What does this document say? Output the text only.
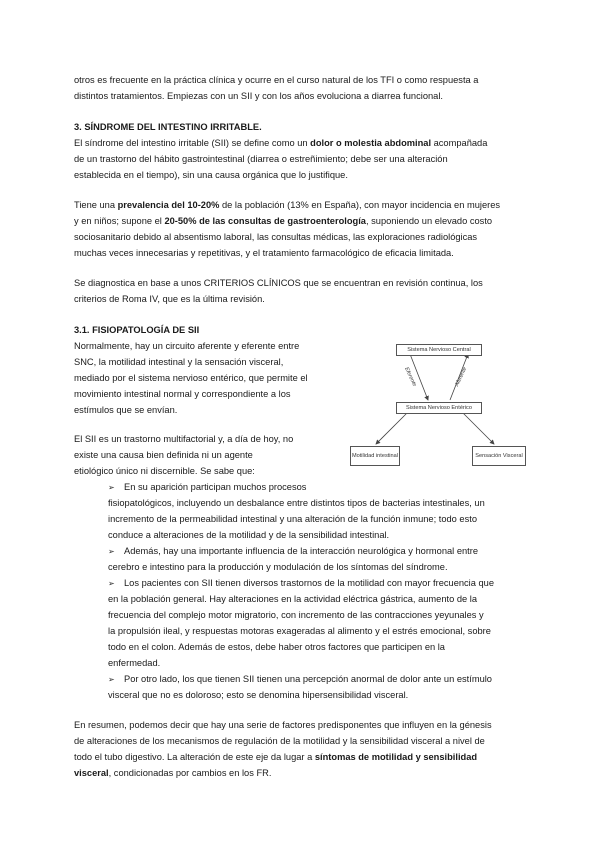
otros es frecuente en la práctica clínica y ocurre en el curso natural de los TFI o como respuesta a
distintos tratamientos. Empiezas con un SII y con los años evoluciona a diarrea funcional.
3. SÍNDROME DEL INTESTINO IRRITABLE.
El síndrome del intestino irritable (SII) se define como un dolor o molestia abdominal acompañada
de un trastorno del hábito gastrointestinal (diarrea o estreñimiento; debe ser una alteración
establecida en el tiempo), sin una causa orgánica que lo justifique.
Tiene una prevalencia del 10-20% de la población (13% en España), con mayor incidencia en mujeres
y en niños; supone el 20-50% de las consultas de gastroenterología, suponiendo un elevado costo
sociosanitario debido al absentismo laboral, las consultas médicas, las exploraciones radiológicas
muchas veces innecesarias y repetitivas, y el tratamiento farmacológico de eficacia limitada.
Se diagnostica en base a unos CRITERIOS CLÍNICOS que se encuentran en revisión continua, los
criterios de Roma IV, que es la última revisión.
3.1. FISIOPATOLOGÍA DE SII
Normalmente, hay un circuito aferente y eferente entre
SNC, la motilidad intestinal y la sensación visceral,
mediado por el sistema nervioso entérico, que permite el
movimiento intestinal normal y correspondiente a los
estímulos que se envían.
El SII es un trastorno multifactorial y, a día de hoy, no
existe una causa bien definida ni un agente
etiológico único ni discernible. Se sabe que:
➢ En su aparición participan muchos procesos
fisiopatológicos, incluyendo un desbalance entre distintos tipos de bacterias intestinales, un
incremento de la permeabilidad intestinal y una alteración de la función inmune; todo esto
conduce a alteraciones de la motilidad y de la sensibilidad intestinal.
➢ Además, hay una importante influencia de la interacción neurológica y hormonal entre
cerebro e intestino para la producción y modulación de los síntomas del síndrome.
➢ Los pacientes con SII tienen diversos trastornos de la motilidad con mayor frecuencia que
en la población general. Hay alteraciones en la actividad eléctrica gástrica, aumento de la
frecuencia del complejo motor migratorio, con incremento de las contracciones yeyunales y
la propulsión ileal, y respuestas motoras exageradas al alimento y el estrés emocional, sobre
todo en el colon. Además de estos, debe haber otros factores que participen en la
enfermedad.
➢ Por otro lado, los que tienen SII tienen una percepción anormal de dolor ante un estímulo
visceral que no es doloroso; esto se denomina hipersensibilidad visceral.
En resumen, podemos decir que hay una serie de factores predisponentes que influyen en la génesis
de alteraciones de los mecanismos de regulación de la motilidad y la sensibilidad visceral a nivel de
todo el tubo digestivo. La alteración de este eje da lugar a síntomas de motilidad y sensibilidad
visceral, condicionadas por cambios en los FR.
Sistema Nervioso Central
Sistema Nervioso Entérico
Motilidad intestinal	Sensación Visceral
Eferente	Aferente
